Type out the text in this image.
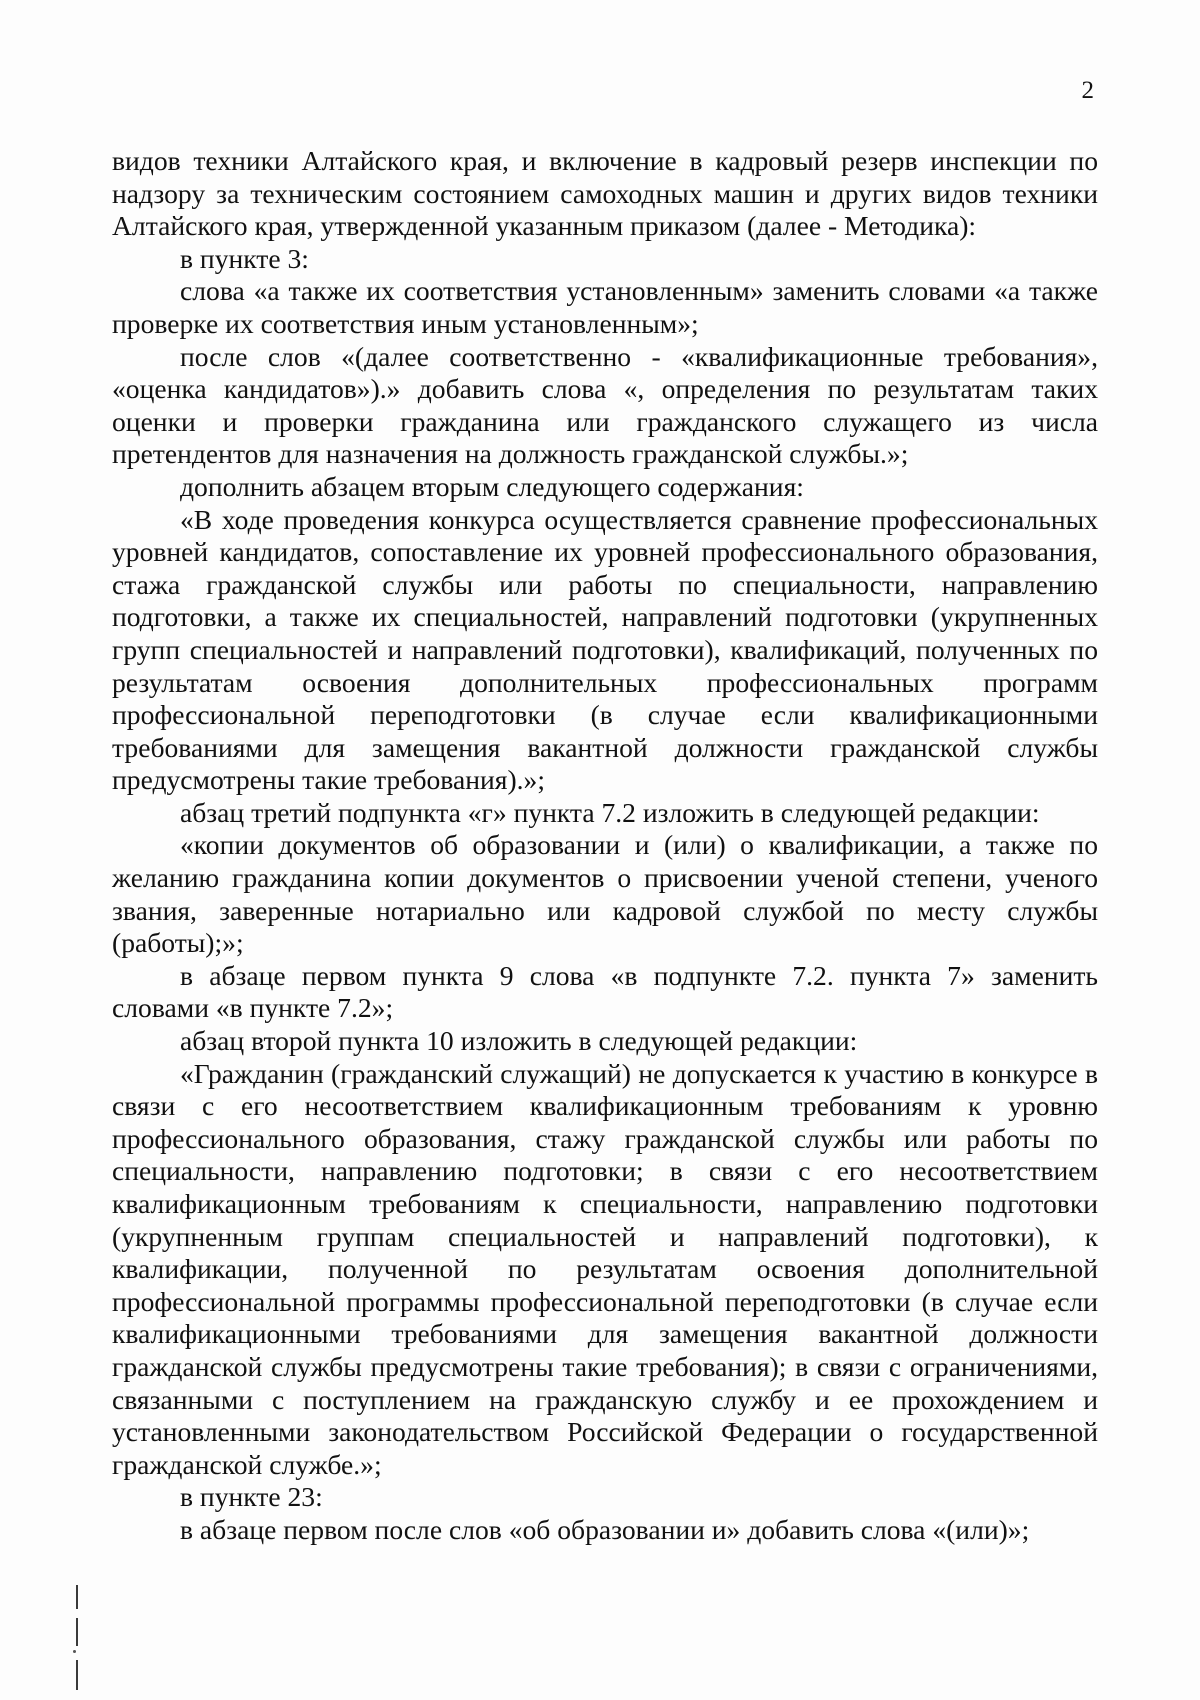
2

видов техники Алтайского края, и включение в кадровый резерв инспекции по надзору за техническим состоянием самоходных машин и других видов техники Алтайского края, утвержденной указанным приказом (далее - Методика):

в пункте 3:

слова «а также их соответствия установленным» заменить словами «а также проверке их соответствия иным установленным»;

после слов «(далее соответственно - «квалификационные требования», «оценка кандидатов»).» добавить слова «, определения по результатам таких оценки и проверки гражданина или гражданского служащего из числа претендентов для назначения на должность гражданской службы.»;

дополнить абзацем вторым следующего содержания:

«В ходе проведения конкурса осуществляется сравнение профессиональных уровней кандидатов, сопоставление их уровней профессионального образования, стажа гражданской службы или работы по специальности, направлению подготовки, а также их специальностей, направлений подготовки (укрупненных групп специальностей и направлений подготовки), квалификаций, полученных по результатам освоения дополнительных профессиональных программ профессиональной переподготовки (в случае если квалификационными требованиями для замещения вакантной должности гражданской службы предусмотрены такие требования).»;

абзац третий подпункта «г» пункта 7.2 изложить в следующей редакции:

«копии документов об образовании и (или) о квалификации, а также по желанию гражданина копии документов о присвоении ученой степени, ученого звания, заверенные нотариально или кадровой службой по месту службы (работы);»;

в абзаце первом пункта 9 слова «в подпункте 7.2. пункта 7» заменить словами «в пункте 7.2»;

абзац второй пункта 10 изложить в следующей редакции:

«Гражданин (гражданский служащий) не допускается к участию в конкурсе в связи с его несоответствием квалификационным требованиям к уровню профессионального образования, стажу гражданской службы или работы по специальности, направлению подготовки; в связи с его несоответствием квалификационным требованиям к специальности, направлению подготовки (укрупненным группам специальностей и направлений подготовки), к квалификации, полученной по результатам освоения дополнительной профессиональной программы профессиональной переподготовки (в случае если квалификационными требованиями для замещения вакантной должности гражданской службы предусмотрены такие требования); в связи с ограничениями, связанными с поступлением на гражданскую службу и ее прохождением и установленными законодательством Российской Федерации о государственной гражданской службе.»;

в пункте 23:

в абзаце первом после слов «об образовании и» добавить слова «(или)»;
